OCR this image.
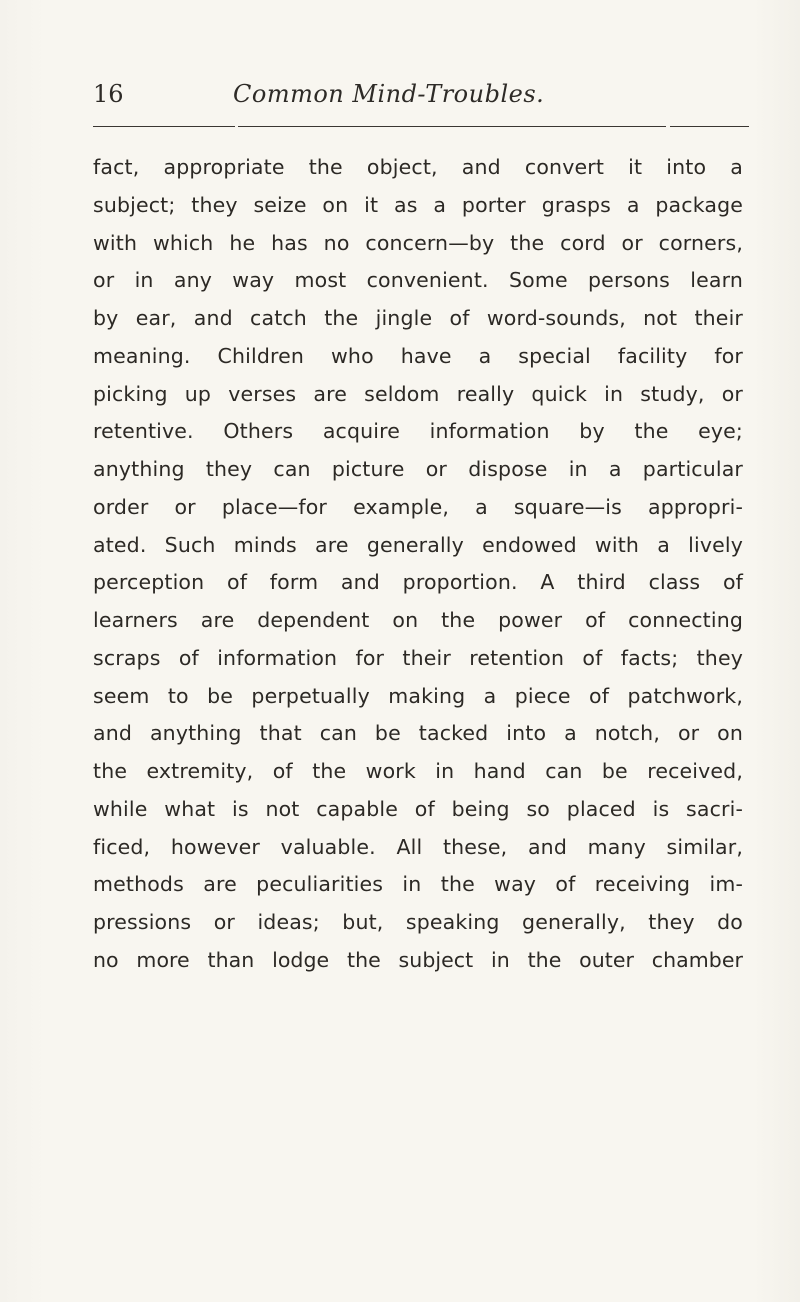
16	Common Mind-Troubles.
fact, appropriate the object, and convert it into a
subject; they seize on it as a porter grasps a package
with which he has no concern—by the cord or corners,
or in any way most convenient. Some persons learn
by ear, and catch the jingle of word-sounds, not their
meaning. Children who have a special facility for
picking up verses are seldom really quick in study, or
retentive. Others acquire information by the eye;
anything they can picture or dispose in a particular
order or place—for example, a square—is appropri-
ated. Such minds are generally endowed with a lively
perception of form and proportion. A third class of
learners are dependent on the power of connecting
scraps of information for their retention of facts; they
seem to be perpetually making a piece of patchwork,
and anything that can be tacked into a notch, or on
the extremity, of the work in hand can be received,
while what is not capable of being so placed is sacri-
ficed, however valuable. All these, and many similar,
methods are peculiarities in the way of receiving im-
pressions or ideas; but, speaking generally, they do
no more than lodge the subject in the outer chamber
